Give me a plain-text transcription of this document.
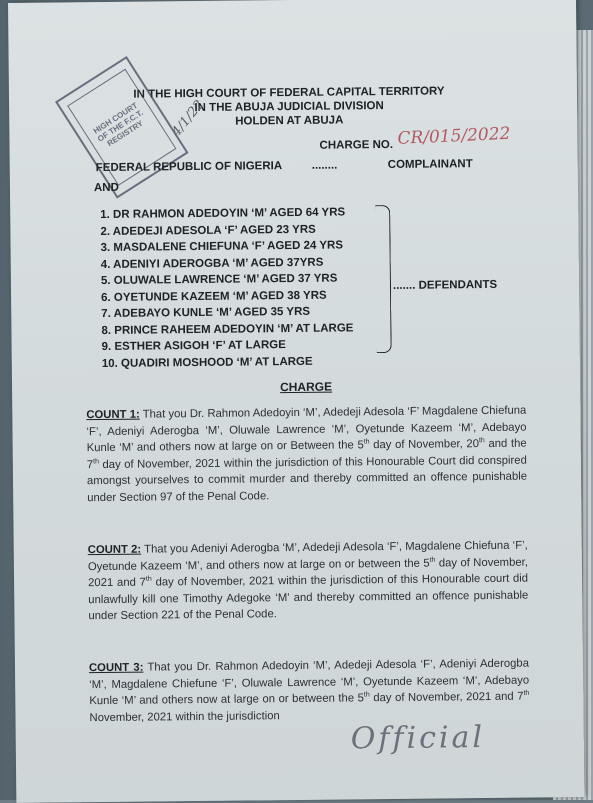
IN THE HIGH COURT OF FEDERAL CAPITAL TERRITORY
IN THE ABUJA JUDICIAL DIVISION
HOLDEN AT ABUJA
HIGH COURT OF THE F.C.T. REGISTRY	4/1/22
CHARGE NO. CR/015/2022
FEDERAL REPUBLIC OF NIGERIA	........	COMPLAINANT
AND
1. DR RAHMON ADEDOYIN ‘M’ AGED 64 YRS
2. ADEDEJI ADESOLA ‘F’ AGED 23 YRS
3. MASDALENE CHIEFUNA ‘F’ AGED 24 YRS
4. ADENIYI ADEROGBA ‘M’ AGED 37YRS
5. OLUWALE LAWRENCE ‘M’ AGED 37 YRS
6. OYETUNDE KAZEEM ‘M’ AGED 38 YRS
7. ADEBAYO KUNLE ‘M’ AGED 35 YRS
8. PRINCE RAHEEM ADEDOYIN ‘M’ AT LARGE
9. ESTHER ASIGOH ‘F’ AT LARGE
10. QUADIRI MOSHOOD ‘M’ AT LARGE
....... DEFENDANTS
CHARGE
COUNT 1: That you Dr. Rahmon Adedoyin ‘M’, Adedeji Adesola ‘F’ Magdalene Chiefuna ‘F’, Adeniyi Aderogba ‘M’, Oluwale Lawrence ‘M’, Oyetunde Kazeem ‘M’, Adebayo Kunle ‘M’ and others now at large on or Between the 5th day of November, 20th and the 7th day of November, 2021 within the jurisdiction of this Honourable Court did conspired amongst yourselves to commit murder and thereby committed an offence punishable under Section 97 of the Penal Code.
COUNT 2: That you Adeniyi Aderogba ‘M’, Adedeji Adesola ‘F’, Magdalene Chiefuna ‘F’, Oyetunde Kazeem ‘M’, and others now at large on or between the 5th day of November, 2021 and 7th day of November, 2021 within the jurisdiction of this Honourable court did unlawfully kill one Timothy Adegoke ‘M’ and thereby committed an offence punishable under Section 221 of the Penal Code.
COUNT 3: That you Dr. Rahmon Adedoyin ‘M’, Adedeji Adesola ‘F’, Adeniyi Aderogba ‘M’, Magdalene Chiefune ‘F’, Oluwale Lawrence ‘M’, Oyetunde Kazeem ‘M’, Adebayo Kunle ‘M’ and others now at large on or between the 5th day of November, 2021 and 7th November, 2021 within the jurisdiction
Official
